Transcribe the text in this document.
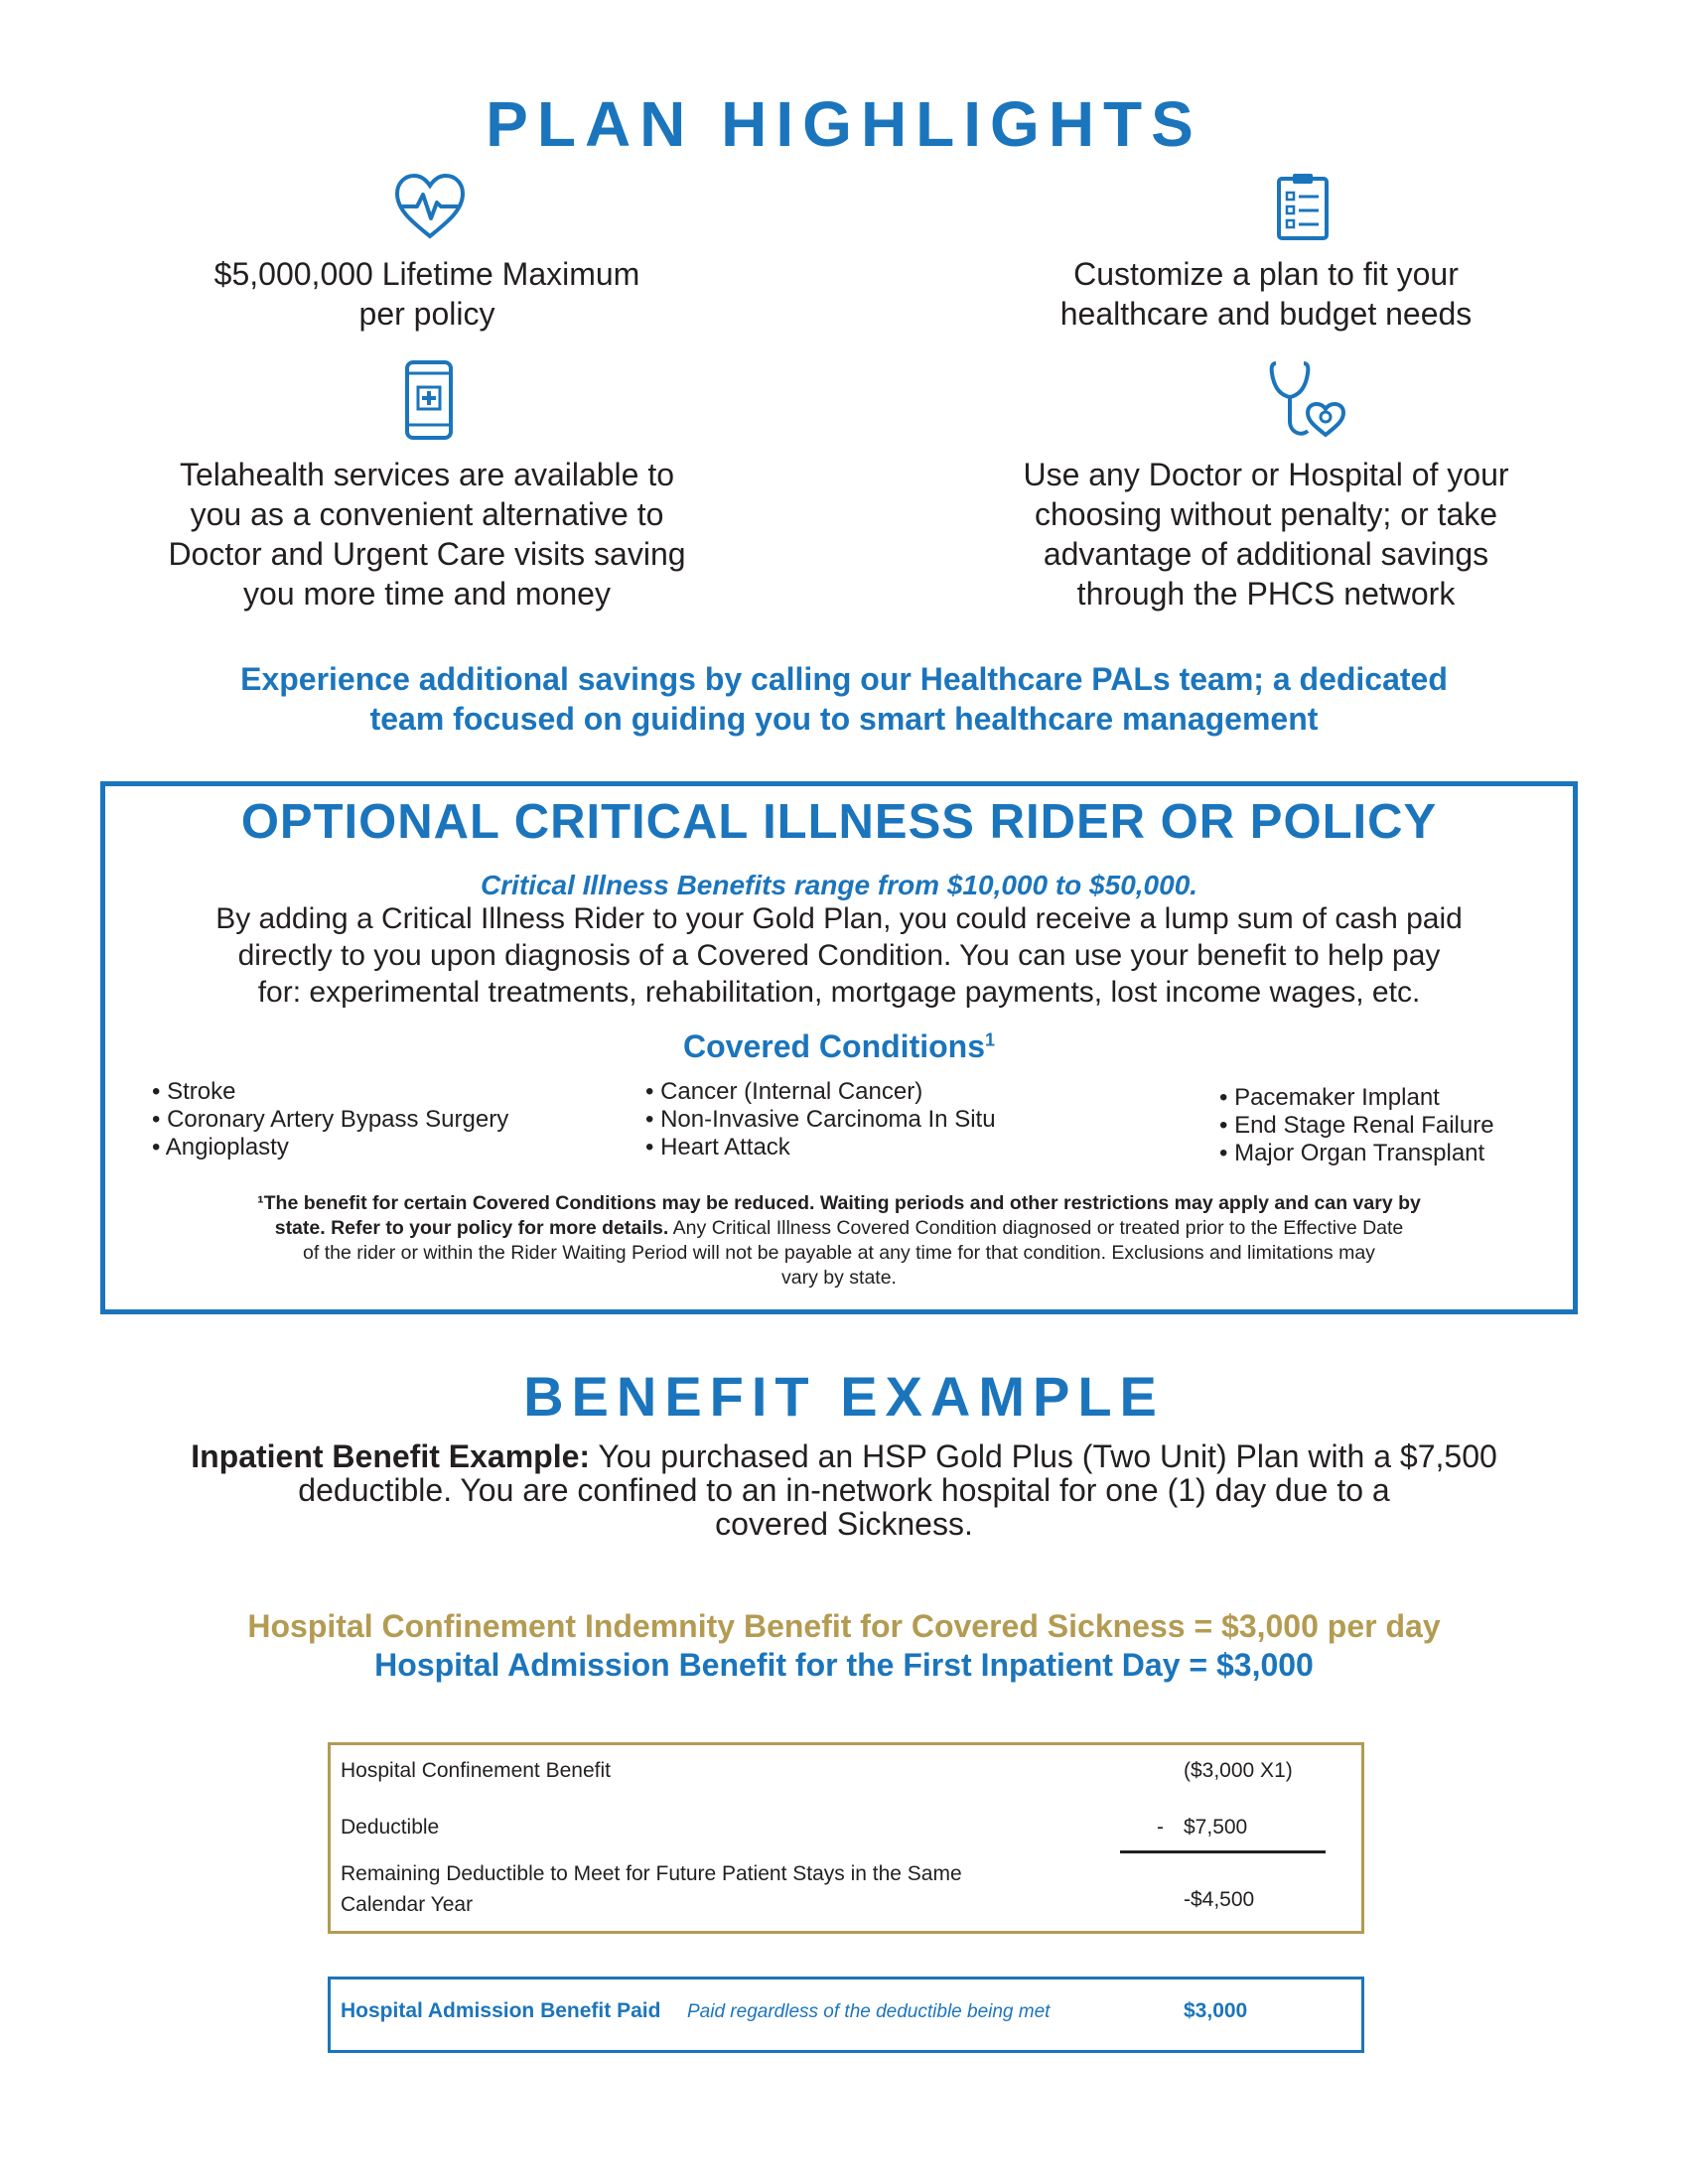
PLAN HIGHLIGHTS
$5,000,000 Lifetime Maximum
per policy
Customize a plan to fit your
healthcare and budget needs
Telahealth services are available to
you as a convenient alternative to
Doctor and Urgent Care visits saving
you more time and money
Use any Doctor or Hospital of your
choosing without penalty; or take
advantage of additional savings
through the PHCS network
Experience additional savings by calling our Healthcare PALs team; a dedicated
team focused on guiding you to smart healthcare management
OPTIONAL CRITICAL ILLNESS RIDER OR POLICY
Critical Illness Benefits range from $10,000 to $50,000.
By adding a Critical Illness Rider to your Gold Plan, you could receive a lump sum of cash paid
directly to you upon diagnosis of a Covered Condition. You can use your benefit to help pay
for: experimental treatments, rehabilitation, mortgage payments, lost income wages, etc.
Covered Conditions$^1$
• Stroke
• Coronary Artery Bypass Surgery
• Angioplasty
• Cancer (Internal Cancer)
• Non-Invasive Carcinoma In Situ
• Heart Attack
• Pacemaker Implant
• End Stage Renal Failure
• Major Organ Transplant
¹The benefit for certain Covered Conditions may be reduced. Waiting periods and other restrictions may apply and can vary by
state. Refer to your policy for more details. Any Critical Illness Covered Condition diagnosed or treated prior to the Effective Date
of the rider or within the Rider Waiting Period will not be payable at any time for that condition. Exclusions and limitations may
vary by state.
BENEFIT EXAMPLE
Inpatient Benefit Example: You purchased an HSP Gold Plus (Two Unit) Plan with a $7,500
deductible. You are confined to an in-network hospital for one (1) day due to a
covered Sickness.
Hospital Confinement Indemnity Benefit for Covered Sickness = $3,000 per day
Hospital Admission Benefit for the First Inpatient Day = $3,000
Hospital Confinement Benefit	($3,000 X1)
Deductible	- $7,500
Remaining Deductible to Meet for Future Patient Stays in the Same
Calendar Year	-$4,500
Hospital Admission Benefit Paid Paid regardless of the deductible being met	$3,000
